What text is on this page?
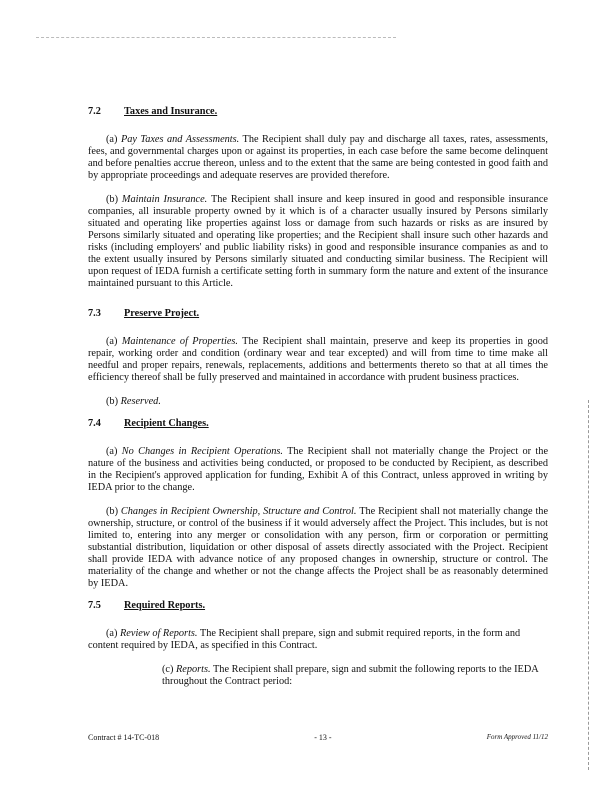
7.2	Taxes and Insurance.

(a) Pay Taxes and Assessments. The Recipient shall duly pay and discharge all taxes, rates, assessments, fees, and governmental charges upon or against its properties, in each case before the same become delinquent and before penalties accrue thereon, unless and to the extent that the same are being contested in good faith and by appropriate proceedings and adequate reserves are provided therefore.

(b) Maintain Insurance. The Recipient shall insure and keep insured in good and responsible insurance companies, all insurable property owned by it which is of a character usually insured by Persons similarly situated and operating like properties against loss or damage from such hazards or risks as are insured by Persons similarly situated and operating like properties; and the Recipient shall insure such other hazards and risks (including employers' and public liability risks) in good and responsible insurance companies as and to the extent usually insured by Persons similarly situated and conducting similar business. The Recipient will upon request of IEDA furnish a certificate setting forth in summary form the nature and extent of the insurance maintained pursuant to this Article.

7.3	Preserve Project.

(a) Maintenance of Properties. The Recipient shall maintain, preserve and keep its properties in good repair, working order and condition (ordinary wear and tear excepted) and will from time to time make all needful and proper repairs, renewals, replacements, additions and betterments thereto so that at all times the efficiency thereof shall be fully preserved and maintained in accordance with prudent business practices.

(b) Reserved.

7.4	Recipient Changes.

(a) No Changes in Recipient Operations. The Recipient shall not materially change the Project or the nature of the business and activities being conducted, or proposed to be conducted by Recipient, as described in the Recipient's approved application for funding, Exhibit A of this Contract, unless approved in writing by IEDA prior to the change.

(b) Changes in Recipient Ownership, Structure and Control. The Recipient shall not materially change the ownership, structure, or control of the business if it would adversely affect the Project. This includes, but is not limited to, entering into any merger or consolidation with any person, firm or corporation or permitting substantial distribution, liquidation or other disposal of assets directly associated with the Project. Recipient shall provide IEDA with advance notice of any proposed changes in ownership, structure or control. The materiality of the change and whether or not the change affects the Project shall be as reasonably determined by IEDA.

7.5	Required Reports.

(a) Review of Reports. The Recipient shall prepare, sign and submit required reports, in the form and content required by IEDA, as specified in this Contract.

(c) Reports. The Recipient shall prepare, sign and submit the following reports to the IEDA throughout the Contract period:

Contract # 14-TC-018	- 13 -	Form Approved 11/12
